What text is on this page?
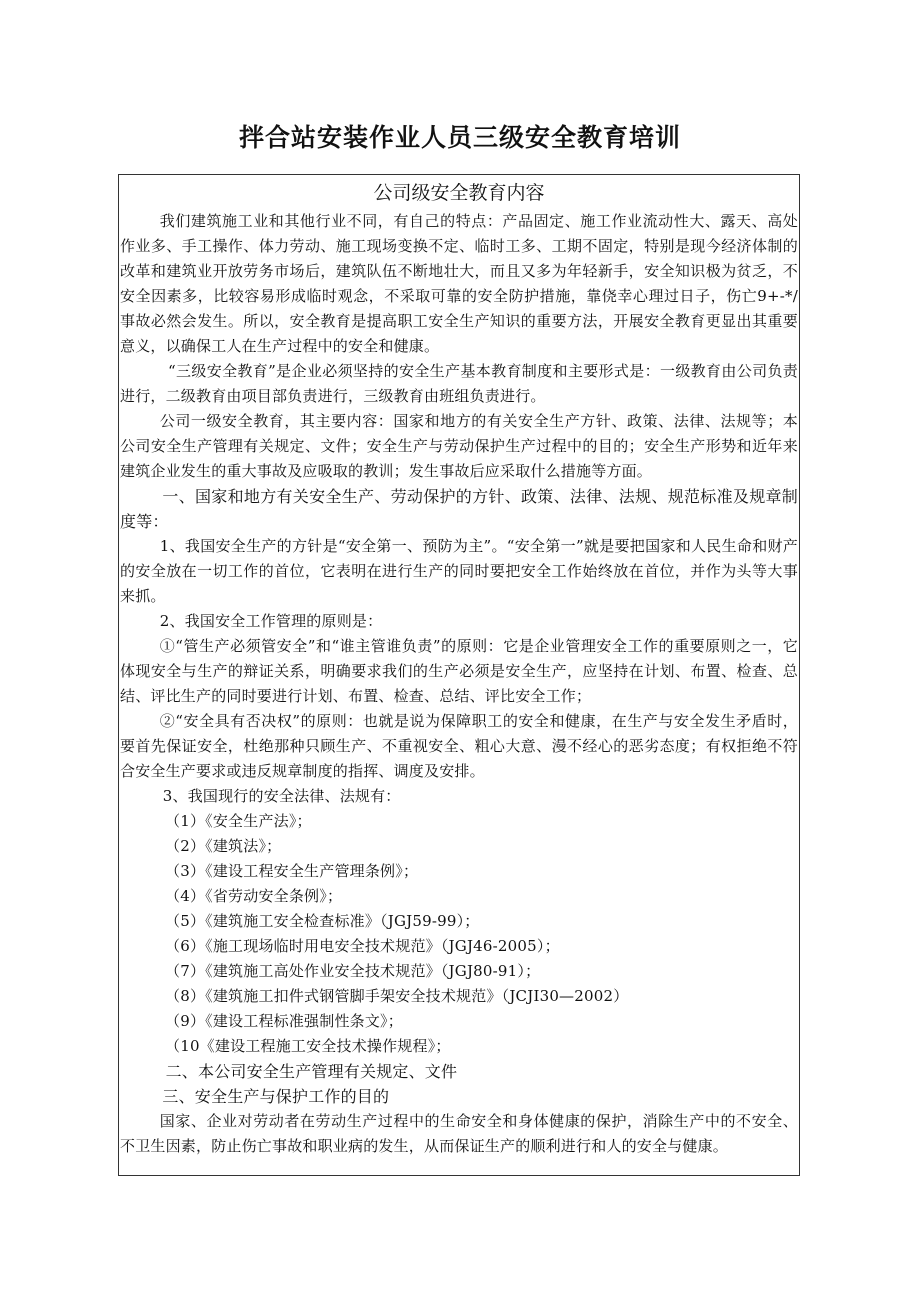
拌合站安装作业人员三级安全教育培训
公司级安全教育内容

我们建筑施工业和其他行业不同，有自己的特点：产品固定、施工作业流动性大、露天、高处作业多、手工操作、体力劳动、施工现场变换不定、临时工多、工期不固定，特别是现今经济体制的改革和建筑业开放劳务市场后，建筑队伍不断地壮大，而且又多为年轻新手，安全知识极为贫乏，不安全因素多，比较容易形成临时观念，不采取可靠的安全防护措施，靠侥幸心理过日子，伤亡9+-*/事故必然会发生。所以，安全教育是提高职工安全生产知识的重要方法，开展安全教育更显出其重要意义，以确保工人在生产过程中的安全和健康。

“三级安全教育”是企业必须坚持的安全生产基本教育制度和主要形式是：一级教育由公司负责进行，二级教育由项目部负责进行，三级教育由班组负责进行。

公司一级安全教育，其主要内容：国家和地方的有关安全生产方针、政策、法律、法规等；本公司安全生产管理有关规定、文件；安全生产与劳动保护生产过程中的目的；安全生产形势和近年来建筑企业发生的重大事故及应吸取的教训；发生事故后应采取什么措施等方面。

一、国家和地方有关安全生产、劳动保护的方针、政策、法律、法规、规范标准及规章制度等：

1、我国安全生产的方针是“安全第一、预防为主”。“安全第一”就是要把国家和人民生命和财产的安全放在一切工作的首位，它表明在进行生产的同时要把安全工作始终放在首位，并作为头等大事来抓。

2、我国安全工作管理的原则是：

①“管生产必须管安全”和“谁主管谁负责”的原则：它是企业管理安全工作的重要原则之一，它体现安全与生产的辩证关系，明确要求我们的生产必须是安全生产，应坚持在计划、布置、检查、总结、评比生产的同时要进行计划、布置、检查、总结、评比安全工作；

②“安全具有否决权”的原则：也就是说为保障职工的安全和健康，在生产与安全发生矛盾时，要首先保证安全，杜绝那种只顾生产、不重视安全、粗心大意、漫不经心的恶劣态度；有权拒绝不符合安全生产要求或违反规章制度的指挥、调度及安排。

3、我国现行的安全法律、法规有：

（1）《安全生产法》；

（2）《建筑法》；

（3）《建设工程安全生产管理条例》；

（4）《省劳动安全条例》；

（5）《建筑施工安全检查标准》（JGJ59-99）；

（6）《施工现场临时用电安全技术规范》（JGJ46-2005）；

（7）《建筑施工高处作业安全技术规范》（JGJ80-91）；

（8）《建筑施工扣件式钢管脚手架安全技术规范》（JCJI30—2002）

（9）《建设工程标准强制性条文》；

（10《建设工程施工安全技术操作规程》；

二、本公司安全生产管理有关规定、文件

三、安全生产与保护工作的目的

国家、企业对劳动者在劳动生产过程中的生命安全和身体健康的保护，消除生产中的不安全、不卫生因素，防止伤亡事故和职业病的发生，从而保证生产的顺利进行和人的安全与健康。
